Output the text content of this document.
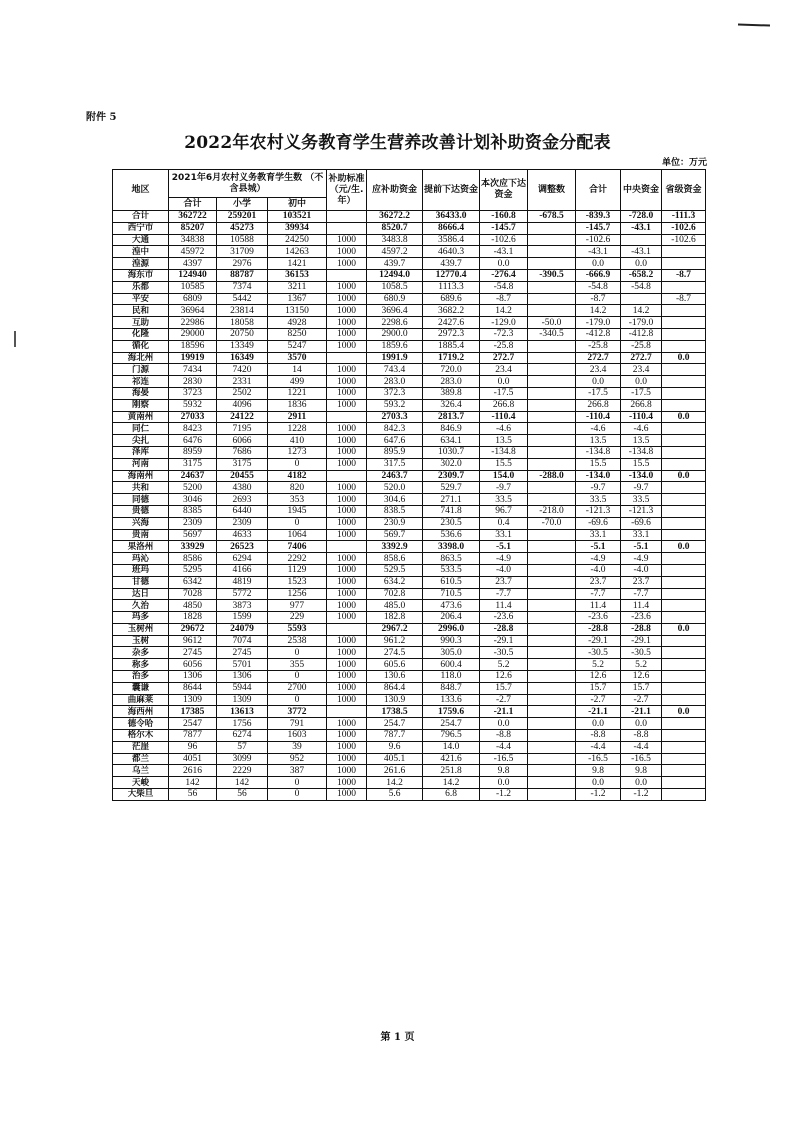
附件 5
2022年农村义务教育学生营养改善计划补助资金分配表
单位：万元
地区	2021年6月农村义务教育学生数 （不含县城）			补助标准（元/生.年）	应补助资金	提前下达资金	本次应下达资金	调整数	合计	中央资金	省级资金
	合计	小学	初中								
合计	362722	259201	103521		36272.2	36433.0	-160.8	-678.5	-839.3	-728.0	-111.3
西宁市	85207	45273	39934		8520.7	8666.4	-145.7		-145.7	-43.1	-102.6
大通	34838	10588	24250	1000	3483.8	3586.4	-102.6		-102.6		-102.6
湟中	45972	31709	14263	1000	4597.2	4640.3	-43.1		-43.1	-43.1	
湟源	4397	2976	1421	1000	439.7	439.7	0.0		0.0	0.0	
海东市	124940	88787	36153		12494.0	12770.4	-276.4	-390.5	-666.9	-658.2	-8.7
乐都	10585	7374	3211	1000	1058.5	1113.3	-54.8		-54.8	-54.8	
平安	6809	5442	1367	1000	680.9	689.6	-8.7		-8.7		-8.7
民和	36964	23814	13150	1000	3696.4	3682.2	14.2		14.2	14.2	
互助	22986	18058	4928	1000	2298.6	2427.6	-129.0	-50.0	-179.0	-179.0	
化隆	29000	20750	8250	1000	2900.0	2972.3	-72.3	-340.5	-412.8	-412.8	
循化	18596	13349	5247	1000	1859.6	1885.4	-25.8		-25.8	-25.8	
海北州	19919	16349	3570		1991.9	1719.2	272.7		272.7	272.7	0.0
门源	7434	7420	14	1000	743.4	720.0	23.4		23.4	23.4	
祁连	2830	2331	499	1000	283.0	283.0	0.0		0.0	0.0	
海晏	3723	2502	1221	1000	372.3	389.8	-17.5		-17.5	-17.5	
刚察	5932	4096	1836	1000	593.2	326.4	266.8		266.8	266.8	
黄南州	27033	24122	2911		2703.3	2813.7	-110.4		-110.4	-110.4	0.0
同仁	8423	7195	1228	1000	842.3	846.9	-4.6		-4.6	-4.6	
尖扎	6476	6066	410	1000	647.6	634.1	13.5		13.5	13.5	
泽库	8959	7686	1273	1000	895.9	1030.7	-134.8		-134.8	-134.8	
河南	3175	3175	0	1000	317.5	302.0	15.5		15.5	15.5	
海南州	24637	20455	4182		2463.7	2309.7	154.0	-288.0	-134.0	-134.0	0.0
共和	5200	4380	820	1000	520.0	529.7	-9.7		-9.7	-9.7	
同德	3046	2693	353	1000	304.6	271.1	33.5		33.5	33.5	
贵德	8385	6440	1945	1000	838.5	741.8	96.7	-218.0	-121.3	-121.3	
兴海	2309	2309	0	1000	230.9	230.5	0.4	-70.0	-69.6	-69.6	
贵南	5697	4633	1064	1000	569.7	536.6	33.1		33.1	33.1	
果洛州	33929	26523	7406		3392.9	3398.0	-5.1		-5.1	-5.1	0.0
玛沁	8586	6294	2292	1000	858.6	863.5	-4.9		-4.9	-4.9	
班玛	5295	4166	1129	1000	529.5	533.5	-4.0		-4.0	-4.0	
甘德	6342	4819	1523	1000	634.2	610.5	23.7		23.7	23.7	
达日	7028	5772	1256	1000	702.8	710.5	-7.7		-7.7	-7.7	
久治	4850	3873	977	1000	485.0	473.6	11.4		11.4	11.4	
玛多	1828	1599	229	1000	182.8	206.4	-23.6		-23.6	-23.6	
玉树州	29672	24079	5593		2967.2	2996.0	-28.8		-28.8	-28.8	0.0
玉树	9612	7074	2538	1000	961.2	990.3	-29.1		-29.1	-29.1	
杂多	2745	2745	0	1000	274.5	305.0	-30.5		-30.5	-30.5	
称多	6056	5701	355	1000	605.6	600.4	5.2		5.2	5.2	
治多	1306	1306	0	1000	130.6	118.0	12.6		12.6	12.6	
囊谦	8644	5944	2700	1000	864.4	848.7	15.7		15.7	15.7	
曲麻莱	1309	1309	0	1000	130.9	133.6	-2.7		-2.7	-2.7	
海西州	17385	13613	3772		1738.5	1759.6	-21.1		-21.1	-21.1	0.0
德令哈	2547	1756	791	1000	254.7	254.7	0.0		0.0	0.0	
格尔木	7877	6274	1603	1000	787.7	796.5	-8.8		-8.8	-8.8	
茫崖	96	57	39	1000	9.6	14.0	-4.4		-4.4	-4.4	
都兰	4051	3099	952	1000	405.1	421.6	-16.5		-16.5	-16.5	
乌兰	2616	2229	387	1000	261.6	251.8	9.8		9.8	9.8	
天峻	142	142	0	1000	14.2	14.2	0.0		0.0	0.0	
大柴旦	56	56	0	1000	5.6	6.8	-1.2		-1.2	-1.2	
第 1 页
